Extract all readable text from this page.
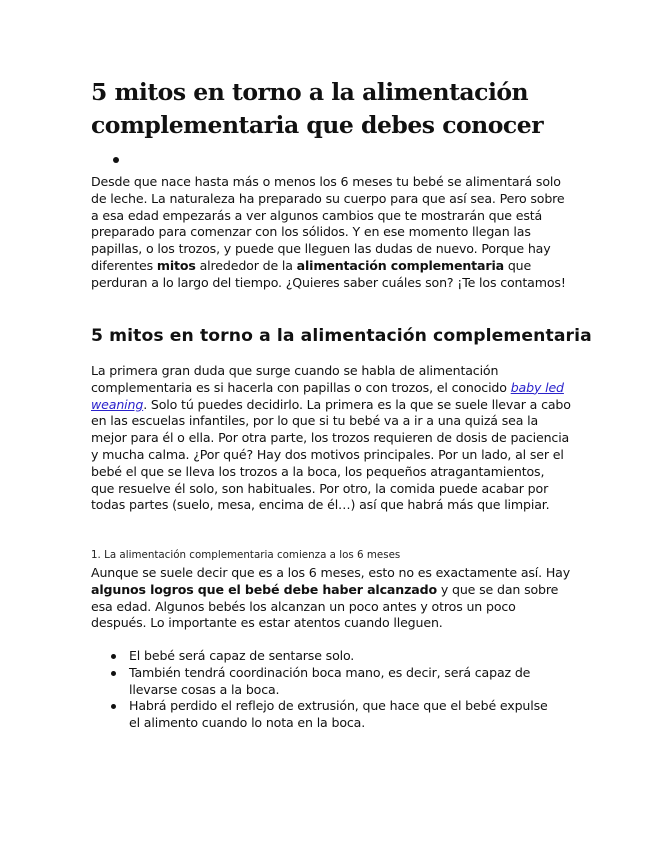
5 mitos en torno a la alimentación complementaria que debes conocer

Desde que nace hasta más o menos los 6 meses tu bebé se alimentará solo de leche. La naturaleza ha preparado su cuerpo para que así sea. Pero sobre a esa edad empezarás a ver algunos cambios que te mostrarán que está preparado para comenzar con los sólidos. Y en ese momento llegan las papillas, o los trozos, y puede que lleguen las dudas de nuevo. Porque hay diferentes mitos alrededor de la alimentación complementaria que perduran a lo largo del tiempo. ¿Quieres saber cuáles son? ¡Te los contamos!

5 mitos en torno a la alimentación complementaria

La primera gran duda que surge cuando se habla de alimentación complementaria es si hacerla con papillas o con trozos, el conocido baby led weaning. Solo tú puedes decidirlo. La primera es la que se suele llevar a cabo en las escuelas infantiles, por lo que si tu bebé va a ir a una quizá sea la mejor para él o ella. Por otra parte, los trozos requieren de dosis de paciencia y mucha calma. ¿Por qué? Hay dos motivos principales. Por un lado, al ser el bebé el que se lleva los trozos a la boca, los pequeños atragantamientos, que resuelve él solo, son habituales. Por otro, la comida puede acabar por todas partes (suelo, mesa, encima de él…) así que habrá más que limpiar.

1. La alimentación complementaria comienza a los 6 meses

Aunque se suele decir que es a los 6 meses, esto no es exactamente así. Hay algunos logros que el bebé debe haber alcanzado y que se dan sobre esa edad. Algunos bebés los alcanzan un poco antes y otros un poco después. Lo importante es estar atentos cuando lleguen.

El bebé será capaz de sentarse solo.
También tendrá coordinación boca mano, es decir, será capaz de llevarse cosas a la boca.
Habrá perdido el reflejo de extrusión, que hace que el bebé expulse el alimento cuando lo nota en la boca.
